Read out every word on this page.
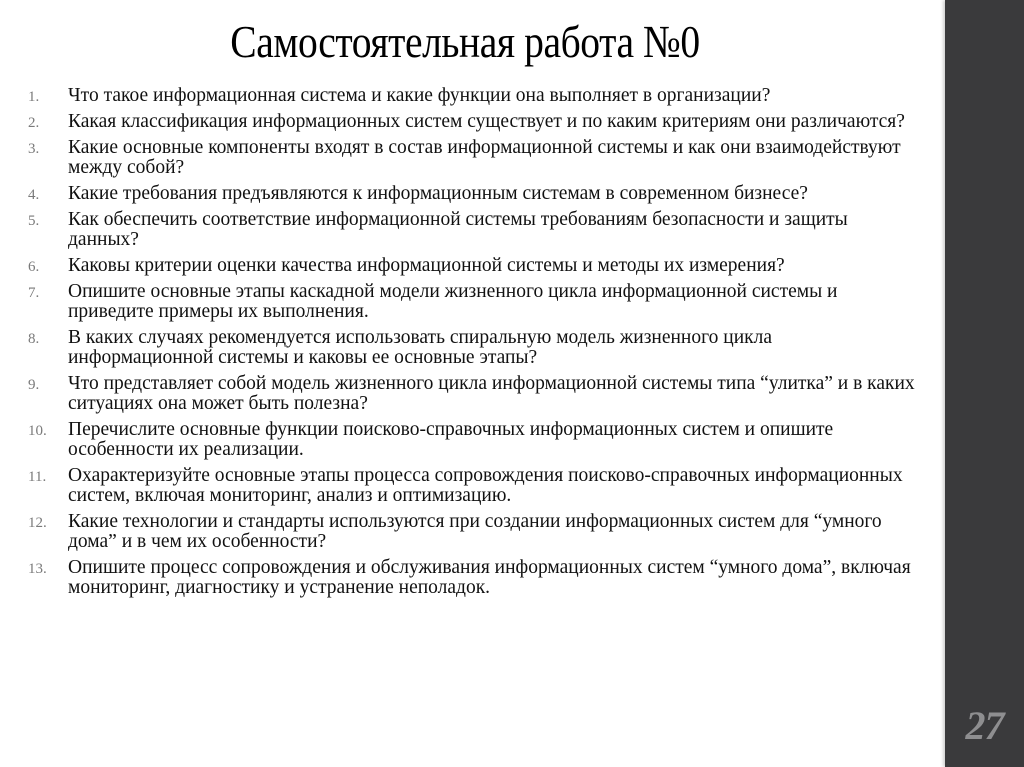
Самостоятельная работа №0
1. Что такое информационная система и какие функции она выполняет в организации?
2. Какая классификация информационных систем существует и по каким критериям они различаются?
3. Какие основные компоненты входят в состав информационной системы и как они взаимодействуют между собой?
4. Какие требования предъявляются к информационным системам в современном бизнесе?
5. Как обеспечить соответствие информационной системы требованиям безопасности и защиты данных?
6. Каковы критерии оценки качества информационной системы и методы их измерения?
7. Опишите основные этапы каскадной модели жизненного цикла информационной системы и приведите примеры их выполнения.
8. В каких случаях рекомендуется использовать спиральную модель жизненного цикла информационной системы и каковы ее основные этапы?
9. Что представляет собой модель жизненного цикла информационной системы типа “улитка” и в каких ситуациях она может быть полезна?
10. Перечислите основные функции поисково-справочных информационных систем и опишите особенности их реализации.
11. Охарактеризуйте основные этапы процесса сопровождения поисково-справочных информационных систем, включая мониторинг, анализ и оптимизацию.
12. Какие технологии и стандарты используются при создании информационных систем для “умного дома” и в чем их особенности?
13. Опишите процесс сопровождения и обслуживания информационных систем “умного дома”, включая мониторинг, диагностику и устранение неполадок.
27
